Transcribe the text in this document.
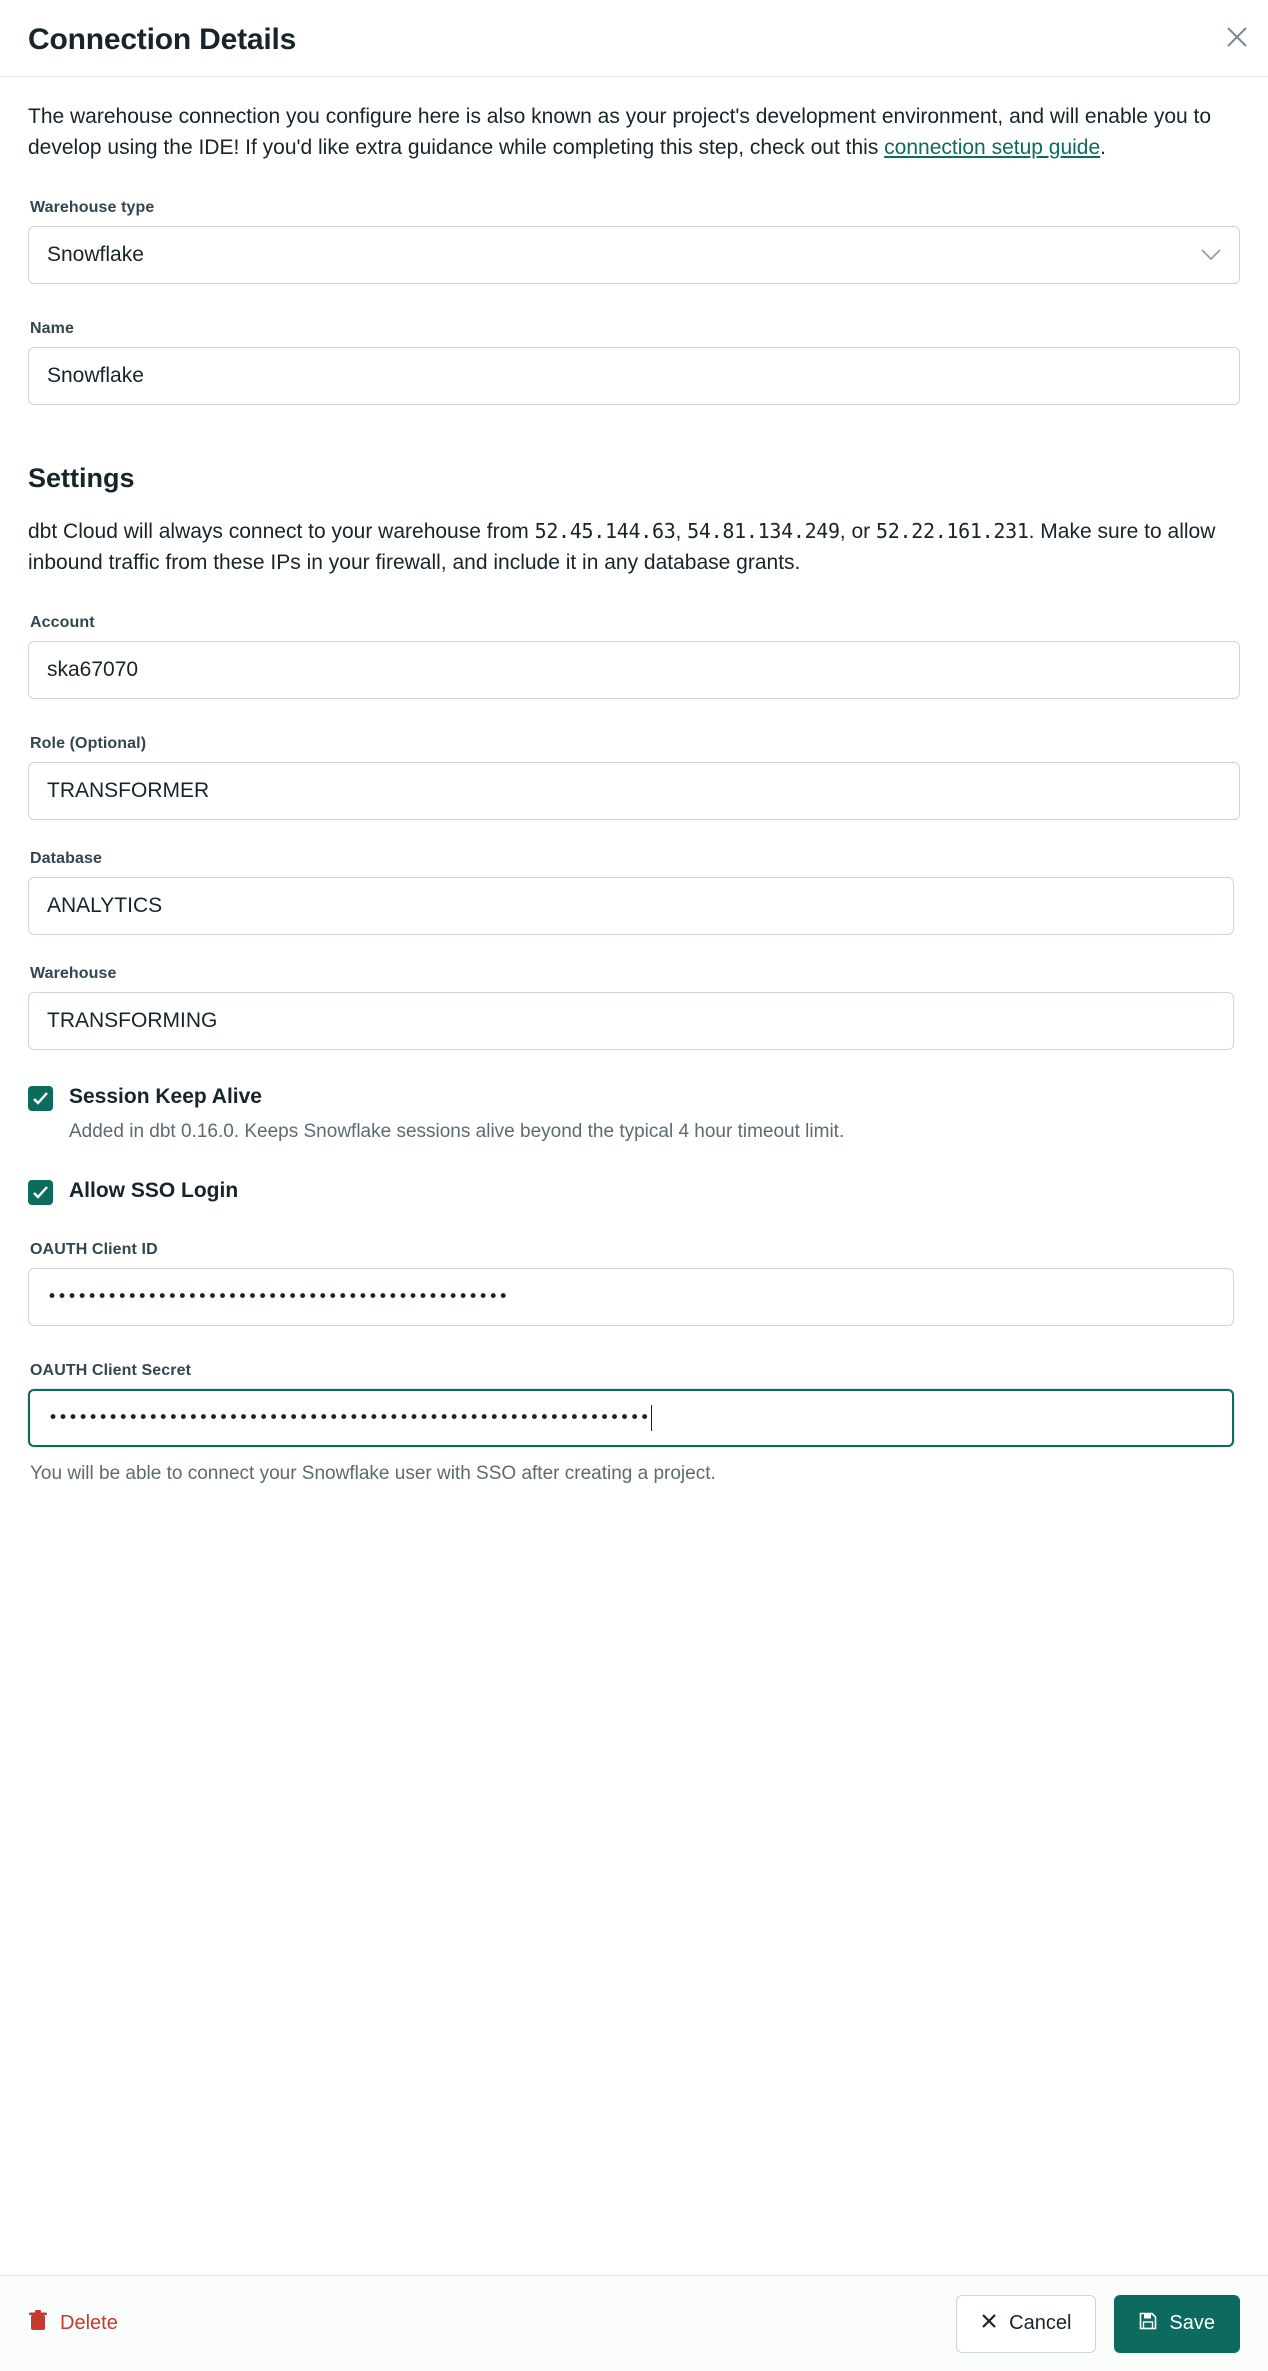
Connection Details

The warehouse connection you configure here is also known as your project's development environment, and will enable you to develop using the IDE! If you'd like extra guidance while completing this step, check out this connection setup guide.

Warehouse type
Snowflake
Name
Snowflake
Settings

dbt Cloud will always connect to your warehouse from 52.45.144.63, 54.81.134.249, or 52.22.161.231. Make sure to allow inbound traffic from these IPs in your firewall, and include it in any database grants.

Account
ska67070
Role (Optional)
TRANSFORMER
Database
ANALYTICS
Warehouse
TRANSFORMING
Session Keep Alive
Added in dbt 0.16.0. Keeps Snowflake sessions alive beyond the typical 4 hour timeout limit.
Allow SSO Login
OAUTH Client ID
••••••••••••••••••••••••••••••••••••••••••••••
OAUTH Client Secret
••••••••••••••••••••••••••••••••••••••••••••••••••••••••••••
You will be able to connect your Snowflake user with SSO after creating a project.
Delete	Cancel	Save
